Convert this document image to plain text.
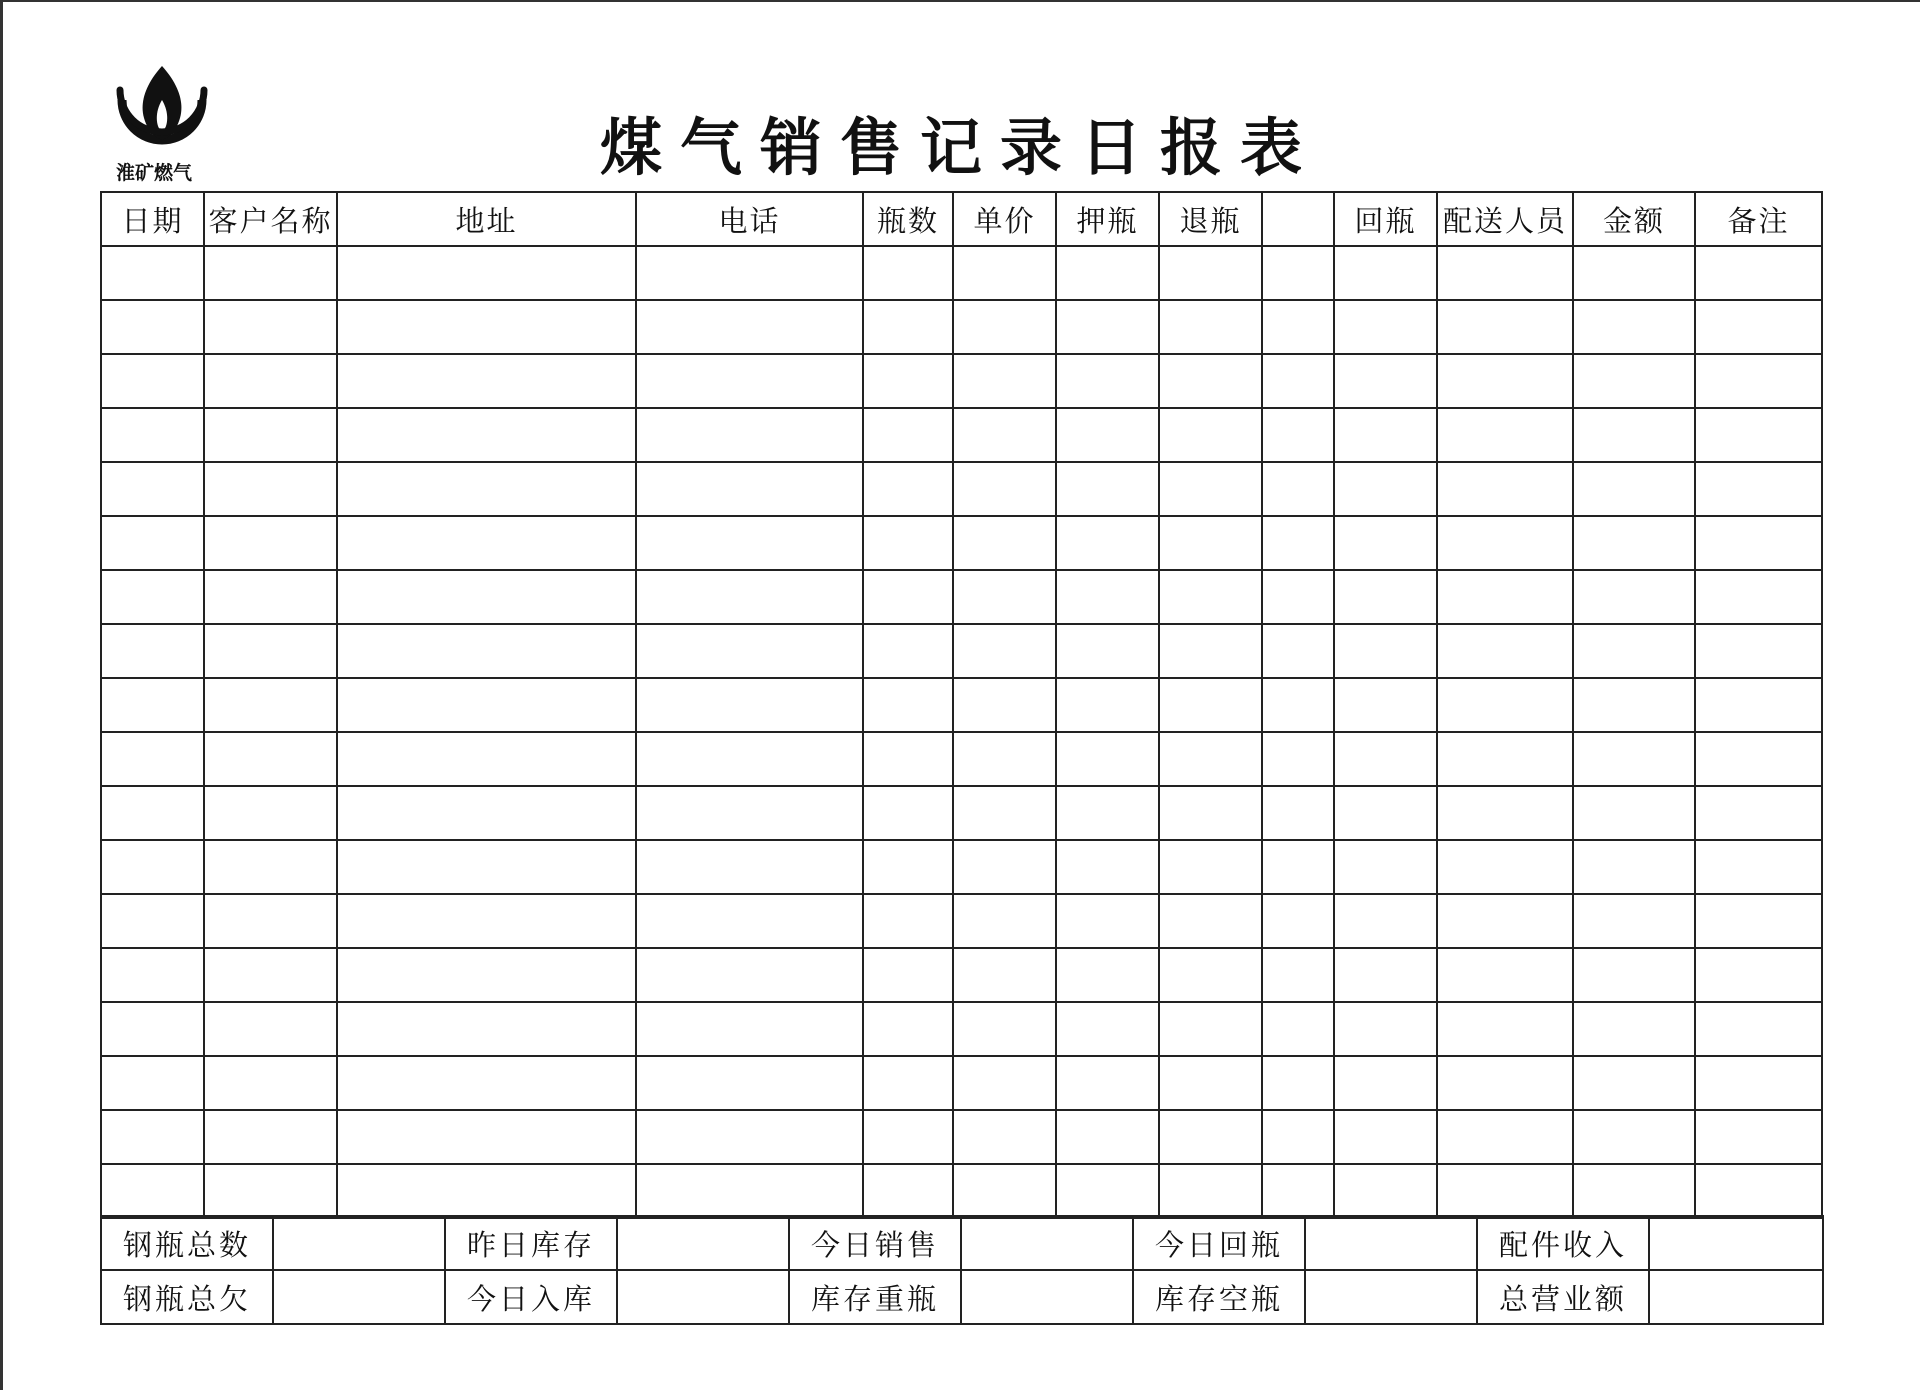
淮矿燃气	煤气销售记录日报表
日期	客户名称	地址	电话	瓶数	单价	押瓶	退瓶		回瓶	配送人员	金额	备注

钢瓶总数		昨日库存		今日销售		今日回瓶		配件收入	
钢瓶总欠		今日入库		库存重瓶		库存空瓶		总营业额	
